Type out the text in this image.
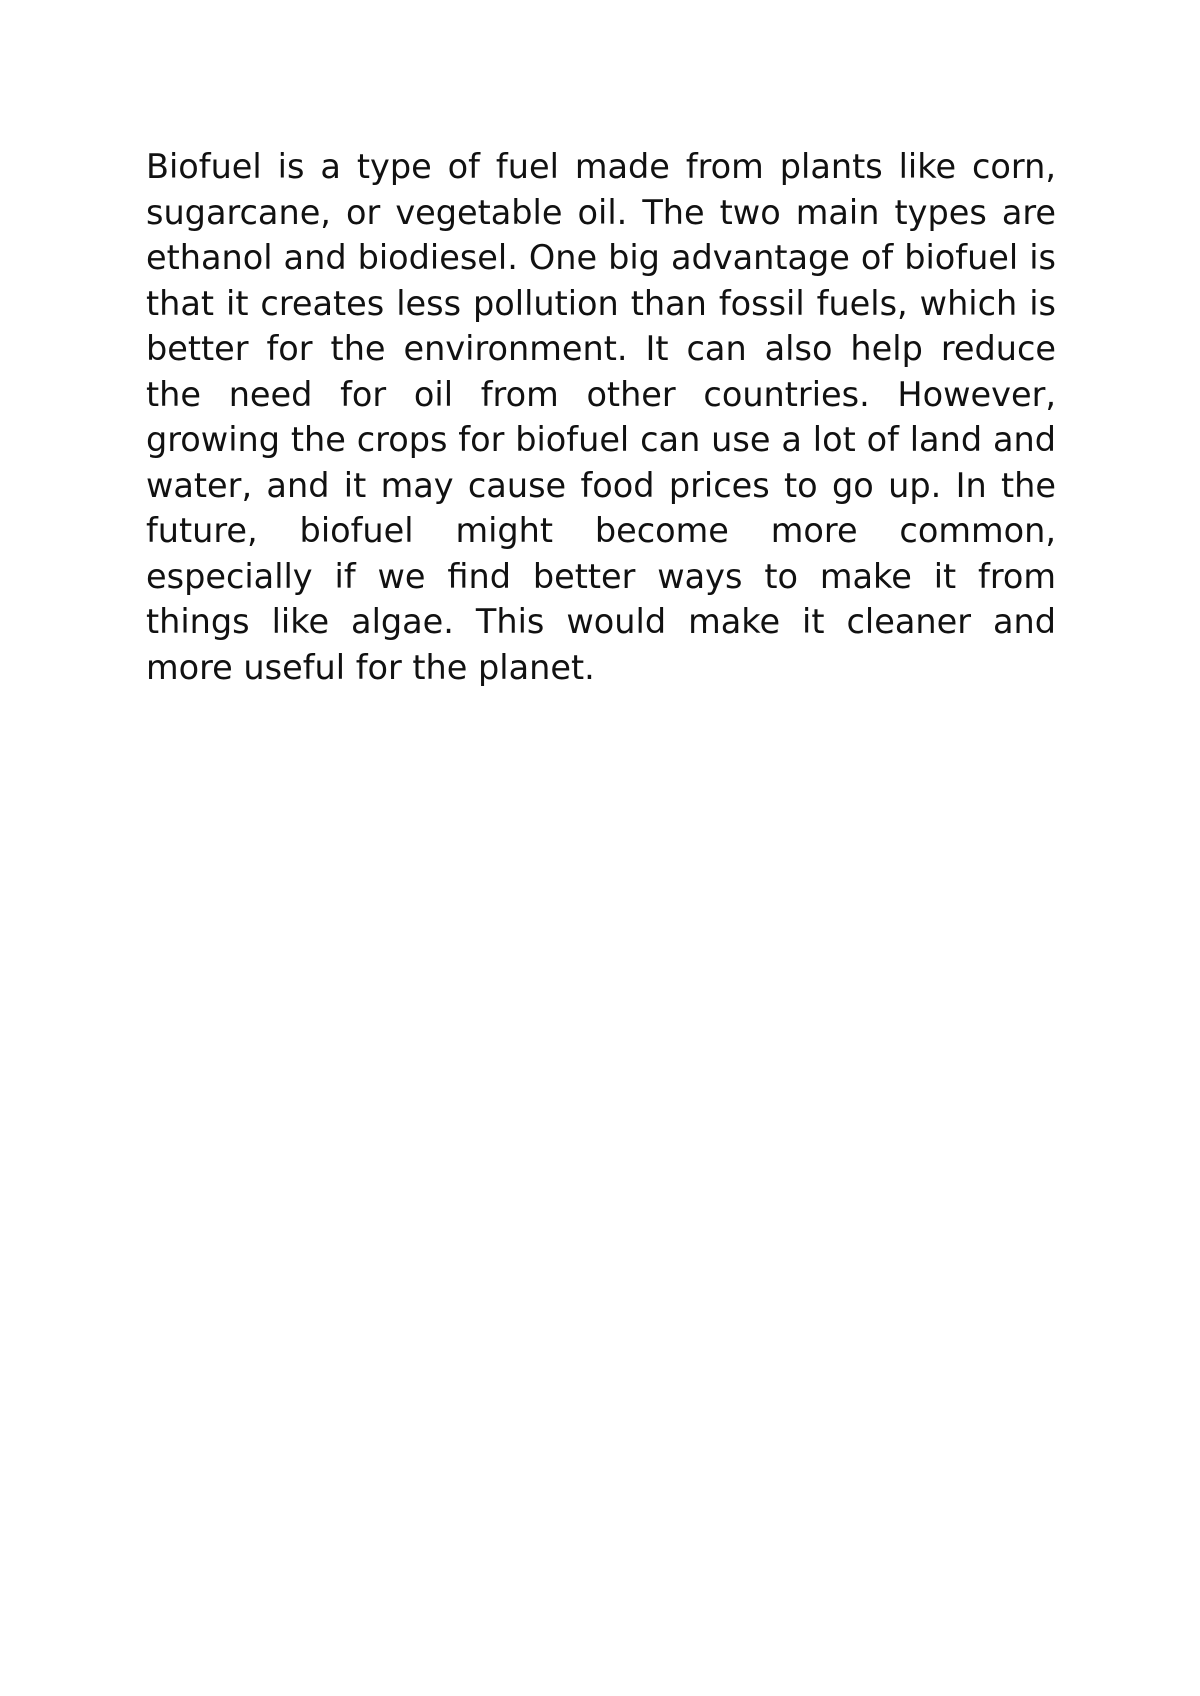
Biofuel is a type of fuel made from plants like corn, sugarcane, or vegetable oil. The two main types are ethanol and biodiesel. One big advantage of biofuel is that it creates less pollution than fossil fuels, which is better for the environment. It can also help reduce the need for oil from other countries. However, growing the crops for biofuel can use a lot of land and water, and it may cause food prices to go up. In the future, biofuel might become more common, especially if we find better ways to make it from things like algae. This would make it cleaner and more useful for the planet.
